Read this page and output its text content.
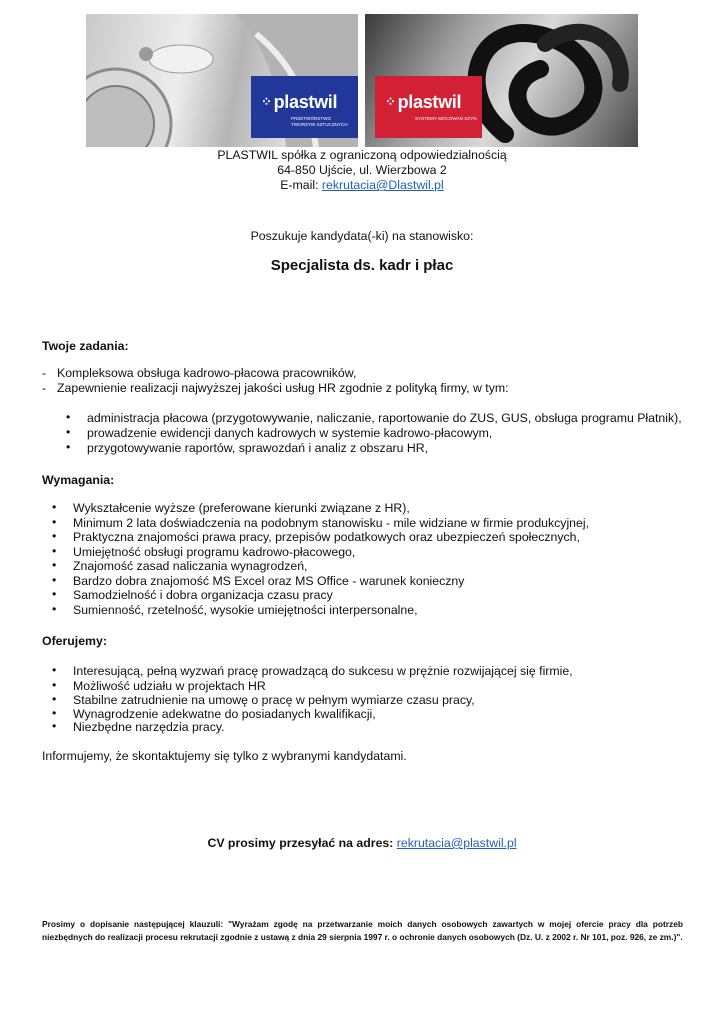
⁘ plastwil
PRZETWÓRSTWO TWORZYW SZTUCZNYCH
⁘ plastwil
SYSTEMY MOCOWAŃ SZYN
PLASTWIL spółka z ograniczoną odpowiedzialnością
64-850 Ujście, ul. Wierzbowa 2
E-mail: rekrutacia@Dlastwil.pl
Poszukuje kandydata(-ki) na stanowisko:
Specjalista ds. kadr i płac
Twoje zadania:
- Kompleksowa obsługa kadrowo-płacowa pracowników,
- Zapewnienie realizacji najwyższej jakości usług HR zgodnie z polityką firmy, w tym:
• administracja płacowa (przygotowywanie, naliczanie, raportowanie do ZUS, GUS, obsługa programu Płatnik),
• prowadzenie ewidencji danych kadrowych w systemie kadrowo-płacowym,
• przygotowywanie raportów, sprawozdań i analiz z obszaru HR,
Wymagania:
• Wykształcenie wyższe (preferowane kierunki związane z HR),
• Minimum 2 lata doświadczenia na podobnym stanowisku - mile widziane w firmie produkcyjnej,
• Praktyczna znajomości prawa pracy, przepisów podatkowych oraz ubezpieczeń społecznych,
• Umiejętność obsługi programu kadrowo-płacowego,
• Znajomość zasad naliczania wynagrodzeń,
• Bardzo dobra znajomość MS Excel oraz MS Office - warunek konieczny
• Samodzielność i dobra organizacja czasu pracy
• Sumienność, rzetelność, wysokie umiejętności interpersonalne,
Oferujemy:
• Interesującą, pełną wyzwań pracę prowadzącą do sukcesu w prężnie rozwijającej się firmie,
• Możliwość udziału w projektach HR
• Stabilne zatrudnienie na umowę o pracę w pełnym wymiarze czasu pracy,
• Wynagrodzenie adekwatne do posiadanych kwalifikacji,
• Niezbędne narzędzia pracy.
Informujemy, że skontaktujemy się tylko z wybranymi kandydatami.
CV prosimy przesyłać na adres: rekrutacia@plastwil.pl
Prosimy o dopisanie następującej klauzuli: "Wyrażam zgodę na przetwarzanie moich danych osobowych zawartych w mojej ofercie pracy dla potrzeb niezbędnych do realizacji procesu rekrutacji zgodnie z ustawą z dnia 29 sierpnia 1997 r. o ochronie danych osobowych (Dz. U. z 2002 r. Nr 101, poz. 926, ze zm.)".
